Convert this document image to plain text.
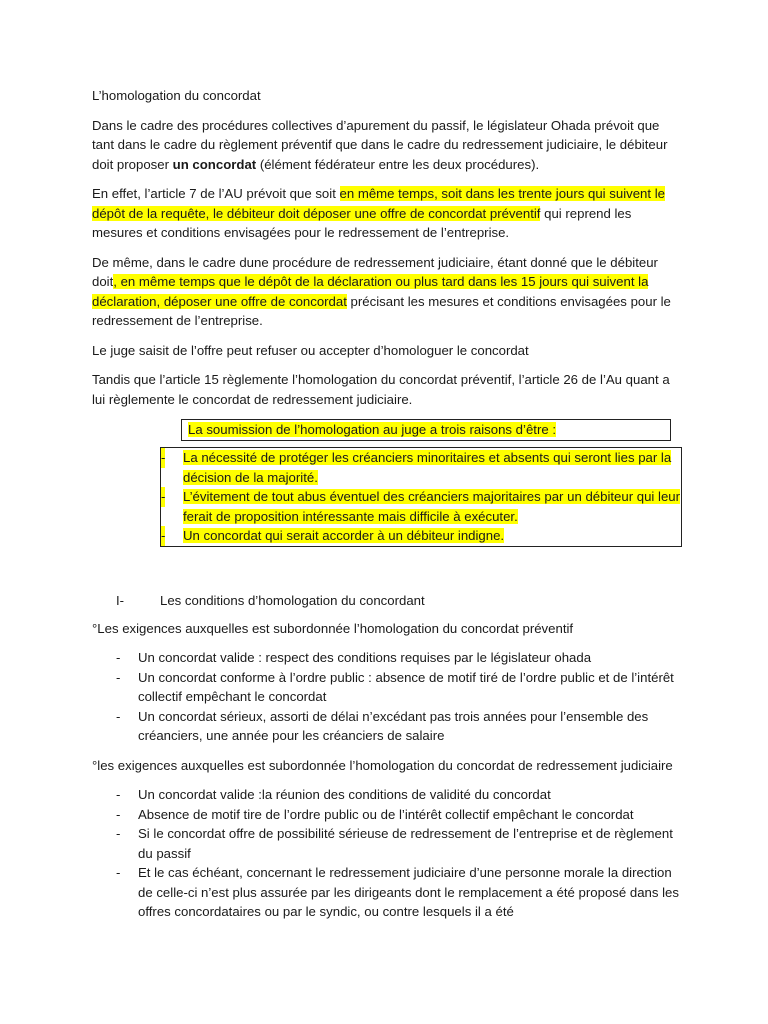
L’homologation du concordat

Dans le cadre des procédures collectives d’apurement du passif, le législateur Ohada prévoit que tant dans le cadre du règlement préventif que dans le cadre du redressement judiciaire, le débiteur doit proposer un concordat (élément fédérateur entre les deux procédures).

En effet, l’article 7 de l’AU prévoit que soit en même temps, soit dans les trente jours qui suivent le dépôt de la requête, le débiteur doit déposer une offre de concordat préventif qui reprend les mesures et conditions envisagées pour le redressement de l’entreprise.

De même, dans le cadre dune procédure de redressement judiciaire, étant donné que le débiteur doit, en même temps que le dépôt de la déclaration ou plus tard dans les 15 jours qui suivent la déclaration, déposer une offre de concordat précisant les mesures et conditions envisagées pour le redressement de l’entreprise.

Le juge saisit de l’offre peut refuser ou accepter d’homologuer le concordat

Tandis que l’article 15 règlemente l’homologation du concordat préventif, l’article 26 de l’Au quant a lui règlemente le concordat de redressement judiciaire.

La soumission de l’homologation au juge a trois raisons d’être :
- La nécessité de protéger les créanciers minoritaires et absents qui seront lies par la décision de la majorité.
- L’évitement de tout abus éventuel des créanciers majoritaires par un débiteur qui leur ferait de proposition intéressante mais difficile à exécuter.
- Un concordat qui serait accorder à un débiteur indigne.
I-	Les conditions d’homologation du concordant

°Les exigences auxquelles est subordonnée l’homologation du concordat préventif

- Un concordat valide : respect des conditions requises par le législateur ohada
- Un concordat conforme à l’ordre public : absence de motif tiré de l’ordre public et de l’intérêt collectif empêchant le concordat
- Un concordat sérieux, assorti de délai n’excédant pas trois années pour l’ensemble des créanciers, une année pour les créanciers de salaire

°les exigences auxquelles est subordonnée l’homologation du concordat de redressement judiciaire

- Un concordat valide :la réunion des conditions de validité du concordat
- Absence de motif tire de l’ordre public ou de l’intérêt collectif empêchant le concordat
- Si le concordat offre de possibilité sérieuse de redressement de l’entreprise et de règlement du passif
- Et le cas échéant, concernant le redressement judiciaire d’une personne morale la direction de celle-ci n’est plus assurée par les dirigeants dont le remplacement a été proposé dans les offres concordataires ou par le syndic, ou contre lesquels il a été
